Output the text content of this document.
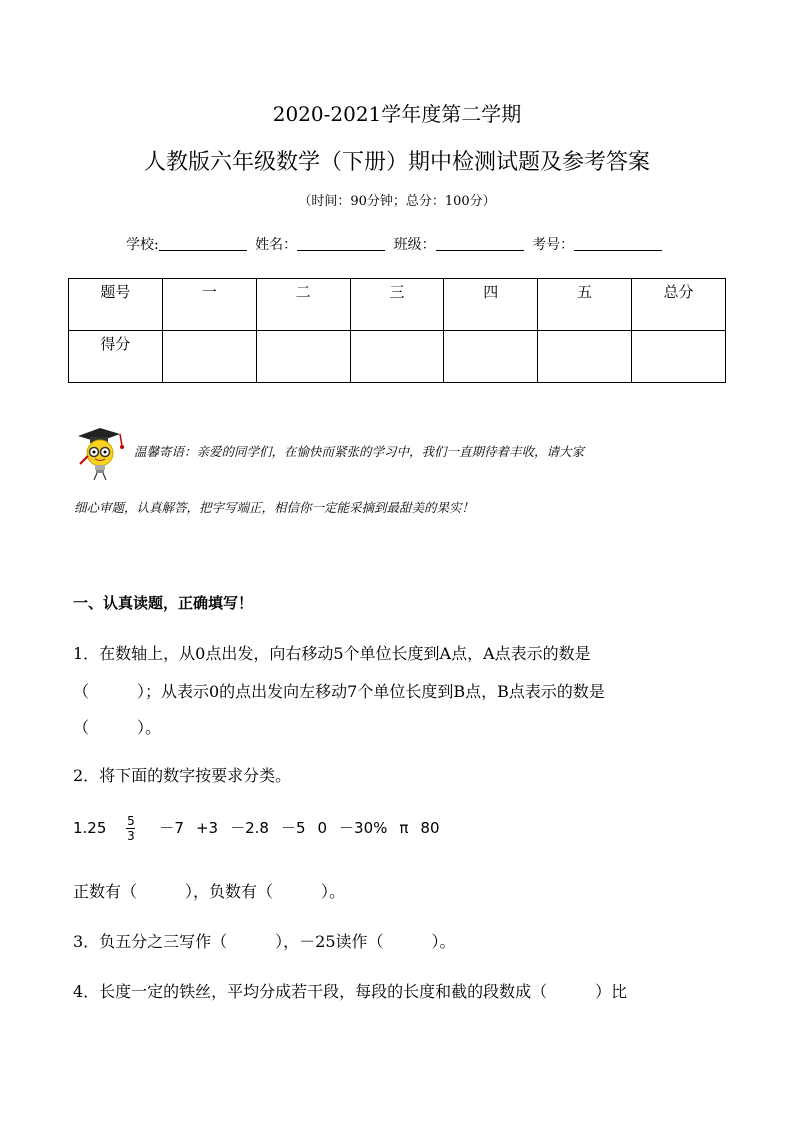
2020-2021学年度第二学期
人教版六年级数学（下册）期中检测试题及参考答案
（时间：90分钟；总分：100分）
学校:	姓名：	班级：	考号：
题号	一	二	三	四	五	总分
得分						
温馨寄语：亲爱的同学们，在愉快而紧张的学习中，我们一直期待着丰收，请大家
细心审题，认真解答，把字写端正，相信你一定能采摘到最甜美的果实！
一、认真读题，正确填写！
1．在数轴上，从0点出发，向右移动5个单位长度到A点，A点表示的数是
（　　　）；从表示0的点出发向左移动7个单位长度到B点，B点表示的数是
（　　　）。
2．将下面的数字按要求分类。
$1.25 \frac{5}{3} -7 +3 -2.8 -5$ 0 －30% π 80
正数有（　　　），负数有（　　　）。
3．负五分之三写作（　　　），－25读作（　　　）。
4．长度一定的铁丝，平均分成若干段，每段的长度和截的段数成（　　　）比
